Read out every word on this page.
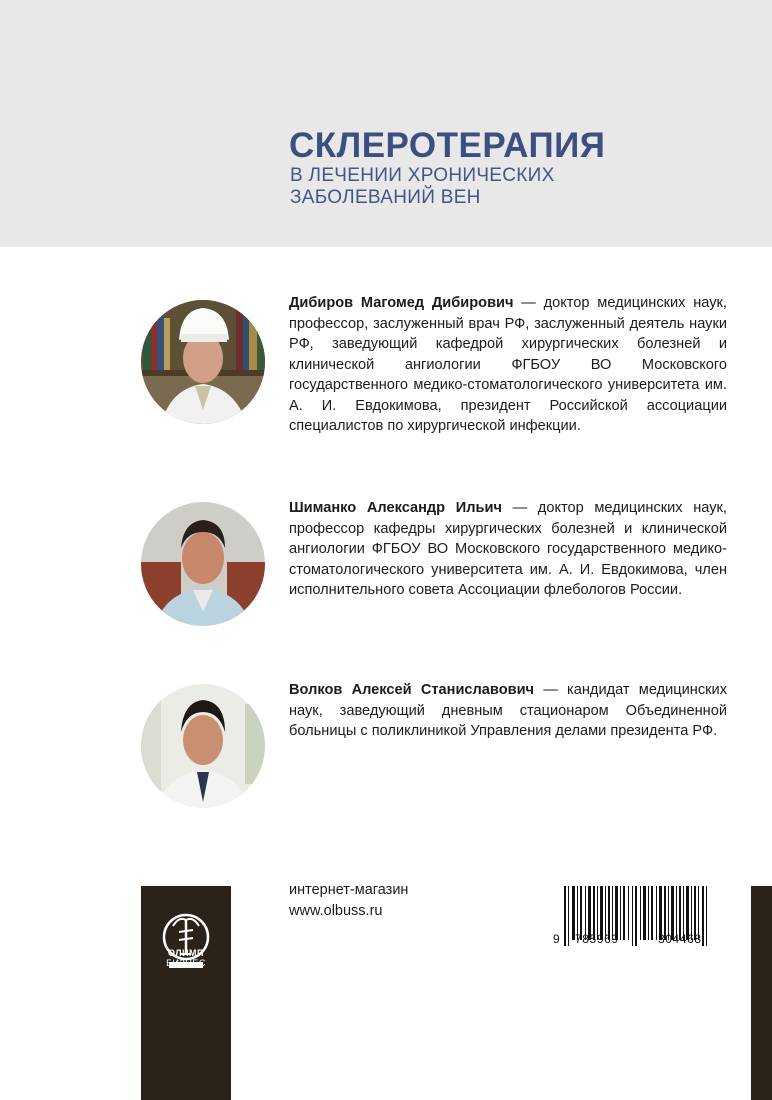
СКЛЕРОТЕРАПИЯ
В ЛЕЧЕНИИ ХРОНИЧЕСКИХ ЗАБОЛЕВАНИЙ ВЕН
Дибиров Магомед Дибирович — доктор медицинских наук, профессор, заслуженный врач РФ, заслуженный деятель науки РФ, заведующий кафедрой хирургических болезней и клинической ангиологии ФГБОУ ВО Московского государственного медико-стоматологического университета им. А. И. Евдокимова, президент Российской ассоциации специалистов по хирургической инфекции.
Шиманко Александр Ильич — доктор медицинских наук, профессор кафедры хирургических болезней и клинической ангиологии ФГБОУ ВО Московского государственного медико-стоматологического университета им. А. И. Евдокимова, член исполнительного совета Ассоциации флебологов России.
Волков Алексей Станиславович — кандидат медицинских наук, заведующий дневным стационаром Объединенной больницы с поликлиникой Управления делами президента РФ.
ОЛИМП
БИЗНЕС
интернет-магазин
www.olbuss.ru
9 785969	304468
